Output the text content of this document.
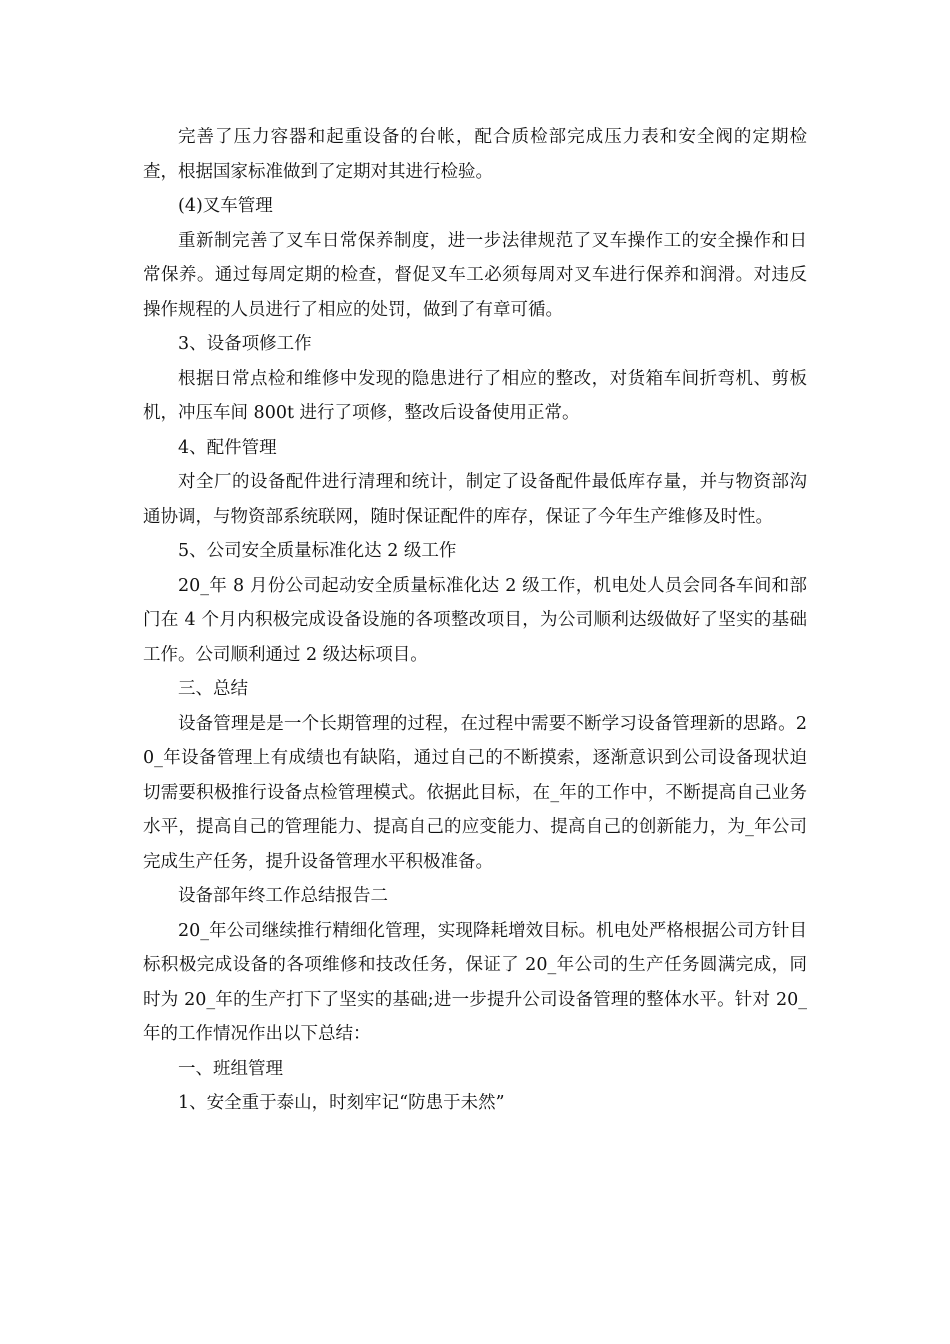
完善了压力容器和起重设备的台帐，配合质检部完成压力表和安全阀的定期检查，根据国家标准做到了定期对其进行检验。

(4)叉车管理

重新制完善了叉车日常保养制度，进一步法律规范了叉车操作工的安全操作和日常保养。通过每周定期的检查，督促叉车工必须每周对叉车进行保养和润滑。对违反操作规程的人员进行了相应的处罚，做到了有章可循。

3、设备项修工作

根据日常点检和维修中发现的隐患进行了相应的整改，对货箱车间折弯机、剪板机，冲压车间 800t 进行了项修，整改后设备使用正常。

4、配件管理

对全厂的设备配件进行清理和统计，制定了设备配件最低库存量，并与物资部沟通协调，与物资部系统联网，随时保证配件的库存，保证了今年生产维修及时性。

5、公司安全质量标准化达 2 级工作

20_年 8 月份公司起动安全质量标准化达 2 级工作，机电处人员会同各车间和部门在 4 个月内积极完成设备设施的各项整改项目，为公司顺利达级做好了坚实的基础工作。公司顺利通过 2 级达标项目。

三、总结

设备管理是是一个长期管理的过程，在过程中需要不断学习设备管理新的思路。20_年设备管理上有成绩也有缺陷，通过自己的不断摸索，逐渐意识到公司设备现状迫切需要积极推行设备点检管理模式。依据此目标，在_年的工作中，不断提高自己业务水平，提高自己的管理能力、提高自己的应变能力、提高自己的创新能力，为_年公司完成生产任务，提升设备管理水平积极准备。

设备部年终工作总结报告二

20_年公司继续推行精细化管理，实现降耗增效目标。机电处严格根据公司方针目标积极完成设备的各项维修和技改任务，保证了 20_年公司的生产任务圆满完成，同时为 20_年的生产打下了坚实的基础;进一步提升公司设备管理的整体水平。针对 20_年的工作情况作出以下总结：

一、班组管理

1、安全重于泰山，时刻牢记“防患于未然”
